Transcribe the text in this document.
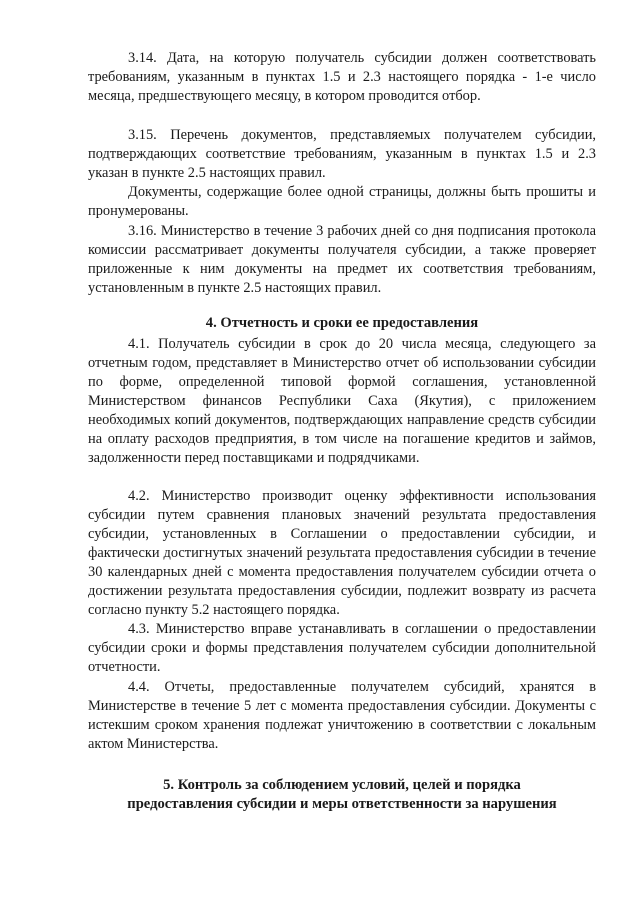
3.14. Дата, на которую получатель субсидии должен соответствовать требованиям, указанным в пунктах 1.5 и 2.3 настоящего порядка - 1-е число месяца, предшествующего месяцу, в котором проводится отбор.

3.15. Перечень документов, представляемых получателем субсидии, подтверждающих соответствие требованиям, указанным в пунктах 1.5 и 2.3 указан в пункте 2.5 настоящих правил.

Документы, содержащие более одной страницы, должны быть прошиты и пронумерованы.

3.16. Министерство в течение 3 рабочих дней со дня подписания протокола комиссии рассматривает документы получателя субсидии, а также проверяет приложенные к ним документы на предмет их соответствия требованиям, установленным в пункте 2.5 настоящих правил.

4. Отчетность и сроки ее предоставления

4.1. Получатель субсидии в срок до 20 числа месяца, следующего за отчетным годом, представляет в Министерство отчет об использовании субсидии по форме, определенной типовой формой соглашения, установленной Министерством финансов Республики Саха (Якутия), с приложением необходимых копий документов, подтверждающих направление средств субсидии на оплату расходов предприятия, в том числе на погашение кредитов и займов, задолженности перед поставщиками и подрядчиками.

4.2. Министерство производит оценку эффективности использования субсидии путем сравнения плановых значений результата предоставления субсидии, установленных в Соглашении о предоставлении субсидии, и фактически достигнутых значений результата предоставления субсидии в течение 30 календарных дней с момента предоставления получателем субсидии отчета о достижении результата предоставления субсидии, подлежит возврату из расчета согласно пункту 5.2 настоящего порядка.

4.3. Министерство вправе устанавливать в соглашении о предоставлении субсидии сроки и формы представления получателем субсидии дополнительной отчетности.

4.4. Отчеты, предоставленные получателем субсидий, хранятся в Министерстве в течение 5 лет с момента предоставления субсидии. Документы с истекшим сроком хранения подлежат уничтожению в соответствии с локальным актом Министерства.

5. Контроль за соблюдением условий, целей и порядка

предоставления субсидии и меры ответственности за нарушения
